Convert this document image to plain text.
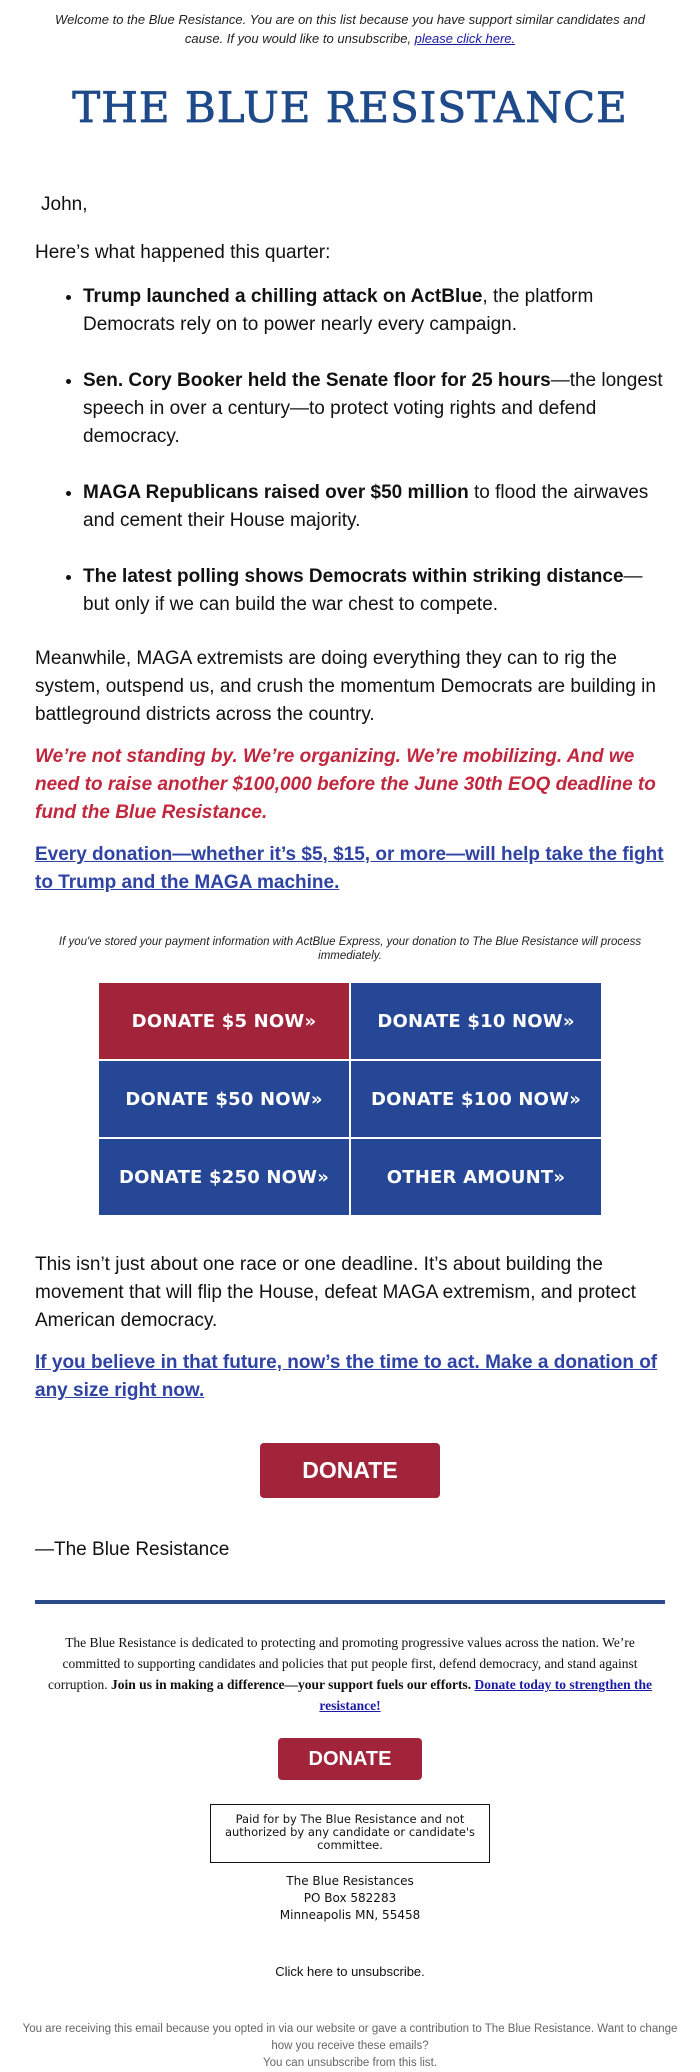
Welcome to the Blue Resistance. You are on this list because you have support similar candidates and cause. If you would like to unsubscribe, please click here.
THE BLUE RESISTANCE
John,
Here’s what happened this quarter:
• Trump launched a chilling attack on ActBlue, the platform Democrats rely on to power nearly every campaign.
• Sen. Cory Booker held the Senate floor for 25 hours—the longest speech in over a century—to protect voting rights and defend democracy.
• MAGA Republicans raised over $50 million to flood the airwaves and cement their House majority.
• The latest polling shows Democrats within striking distance—but only if we can build the war chest to compete.
Meanwhile, MAGA extremists are doing everything they can to rig the system, outspend us, and crush the momentum Democrats are building in battleground districts across the country.
We’re not standing by. We’re organizing. We’re mobilizing. And we need to raise another $100,000 before the June 30th EOQ deadline to fund the Blue Resistance.
Every donation—whether it’s $5, $15, or more—will help take the fight to Trump and the MAGA machine.
If you've stored your payment information with ActBlue Express, your donation to The Blue Resistance will process immediately.
DONATE $5 NOW»	DONATE $10 NOW»
DONATE $50 NOW»	DONATE $100 NOW»
DONATE $250 NOW»	OTHER AMOUNT»
This isn’t just about one race or one deadline. It’s about building the movement that will flip the House, defeat MAGA extremism, and protect American democracy.
If you believe in that future, now’s the time to act. Make a donation of any size right now.
DONATE
—The Blue Resistance
The Blue Resistance is dedicated to protecting and promoting progressive values across the nation. We’re committed to supporting candidates and policies that put people first, defend democracy, and stand against corruption. Join us in making a difference—your support fuels our efforts. Donate today to strengthen the resistance!
DONATE
Paid for by The Blue Resistance and not authorized by any candidate or candidate's committee.
The Blue Resistances
PO Box 582283
Minneapolis MN, 55458
Click here to unsubscribe.
You are receiving this email because you opted in via our website or gave a contribution to The Blue Resistance. Want to change how you receive these emails?
You can unsubscribe from this list.
